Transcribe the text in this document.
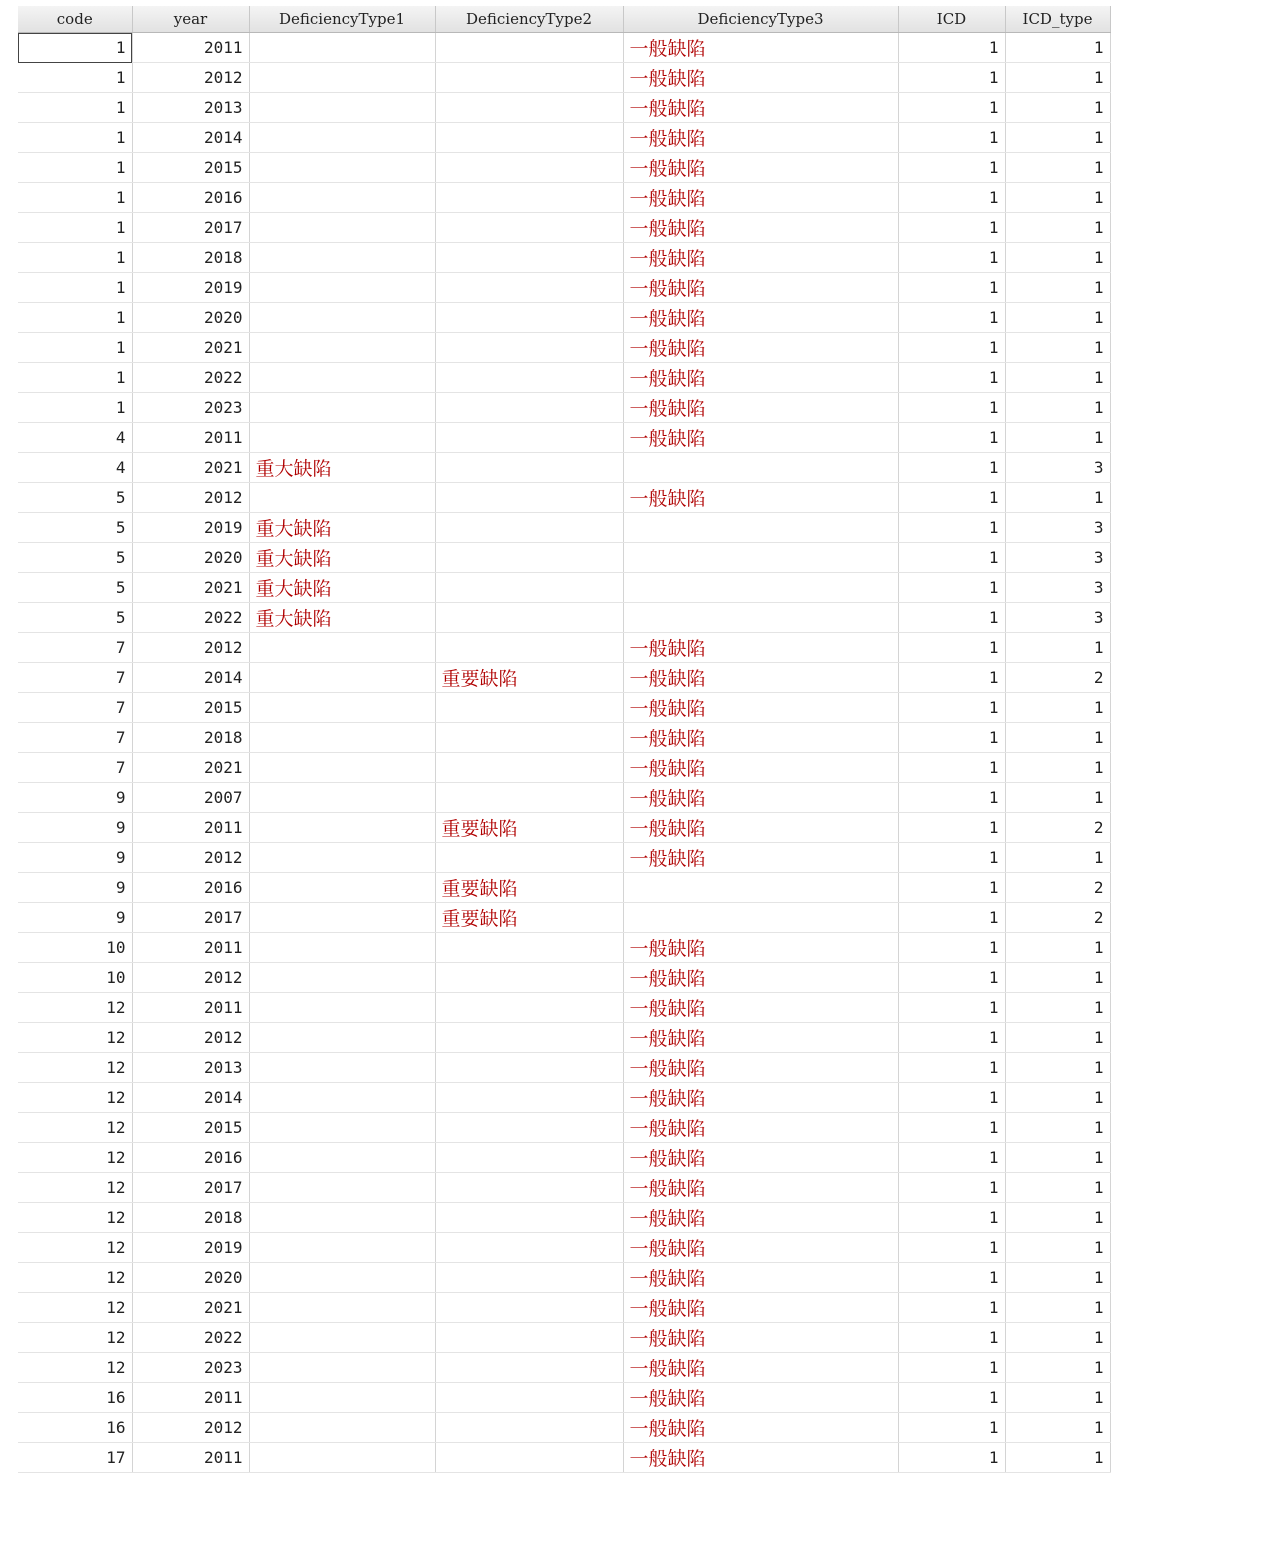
code	year	DeficiencyType1	DeficiencyType2	DeficiencyType3	ICD	ICD_type
1	2011			一般缺陷	1	1
1	2012			一般缺陷	1	1
1	2013			一般缺陷	1	1
1	2014			一般缺陷	1	1
1	2015			一般缺陷	1	1
1	2016			一般缺陷	1	1
1	2017			一般缺陷	1	1
1	2018			一般缺陷	1	1
1	2019			一般缺陷	1	1
1	2020			一般缺陷	1	1
1	2021			一般缺陷	1	1
1	2022			一般缺陷	1	1
1	2023			一般缺陷	1	1
4	2011			一般缺陷	1	1
4	2021	重大缺陷			1	3
5	2012			一般缺陷	1	1
5	2019	重大缺陷			1	3
5	2020	重大缺陷			1	3
5	2021	重大缺陷			1	3
5	2022	重大缺陷			1	3
7	2012			一般缺陷	1	1
7	2014		重要缺陷	一般缺陷	1	2
7	2015			一般缺陷	1	1
7	2018			一般缺陷	1	1
7	2021			一般缺陷	1	1
9	2007			一般缺陷	1	1
9	2011		重要缺陷	一般缺陷	1	2
9	2012			一般缺陷	1	1
9	2016		重要缺陷		1	2
9	2017		重要缺陷		1	2
10	2011			一般缺陷	1	1
10	2012			一般缺陷	1	1
12	2011			一般缺陷	1	1
12	2012			一般缺陷	1	1
12	2013			一般缺陷	1	1
12	2014			一般缺陷	1	1
12	2015			一般缺陷	1	1
12	2016			一般缺陷	1	1
12	2017			一般缺陷	1	1
12	2018			一般缺陷	1	1
12	2019			一般缺陷	1	1
12	2020			一般缺陷	1	1
12	2021			一般缺陷	1	1
12	2022			一般缺陷	1	1
12	2023			一般缺陷	1	1
16	2011			一般缺陷	1	1
16	2012			一般缺陷	1	1
17	2011			一般缺陷	1	1
